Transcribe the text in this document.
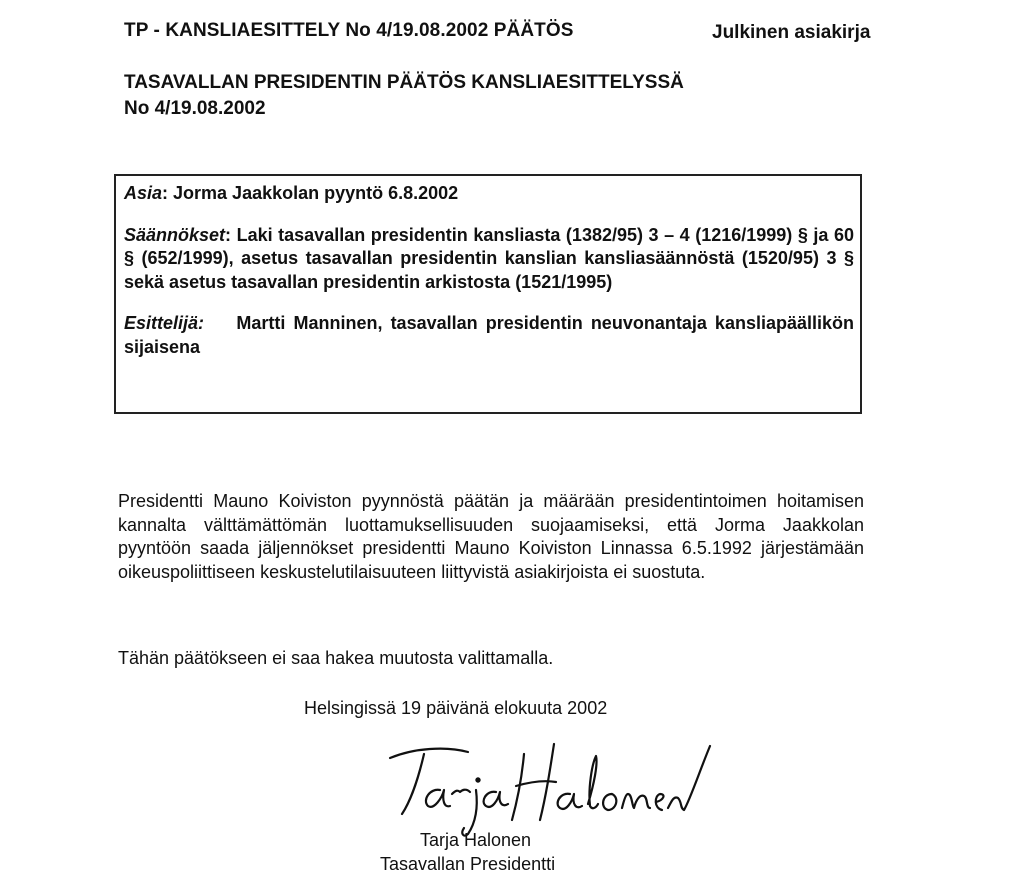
TP - KANSLIAESITTELY No 4/19.08.2002 PÄÄTÖS	Julkinen asiakirja
TASAVALLAN PRESIDENTIN PÄÄTÖS KANSLIAESITTELYSSÄ
No 4/19.08.2002

Asia: Jorma Jaakkolan pyyntö 6.8.2002

Säännökset: Laki tasavallan presidentin kansliasta (1382/95) 3 – 4 (1216/1999) § ja 60 § (652/1999), asetus tasavallan presidentin kanslian kansliasäännöstä (1520/95) 3 § sekä asetus tasavallan presidentin arkistosta (1521/1995)

Esittelijä: Martti Manninen, tasavallan presidentin neuvonantaja kansliapäällikön sijaisena

Presidentti Mauno Koiviston pyynnöstä päätän ja määrään presidentintoimen hoitamisen kannalta välttämättömän luottamuksellisuuden suojaamiseksi, että Jorma Jaakkolan pyyntöön saada jäljennökset presidentti Mauno Koiviston Linnassa 6.5.1992 järjestämään oikeuspoliittiseen keskustelutilaisuuteen liittyvistä asiakirjoista ei suostuta.

Tähän päätökseen ei saa hakea muutosta valittamalla.
Helsingissä 19 päivänä elokuuta 2002
Tarja Halonen
Tasavallan Presidentti
